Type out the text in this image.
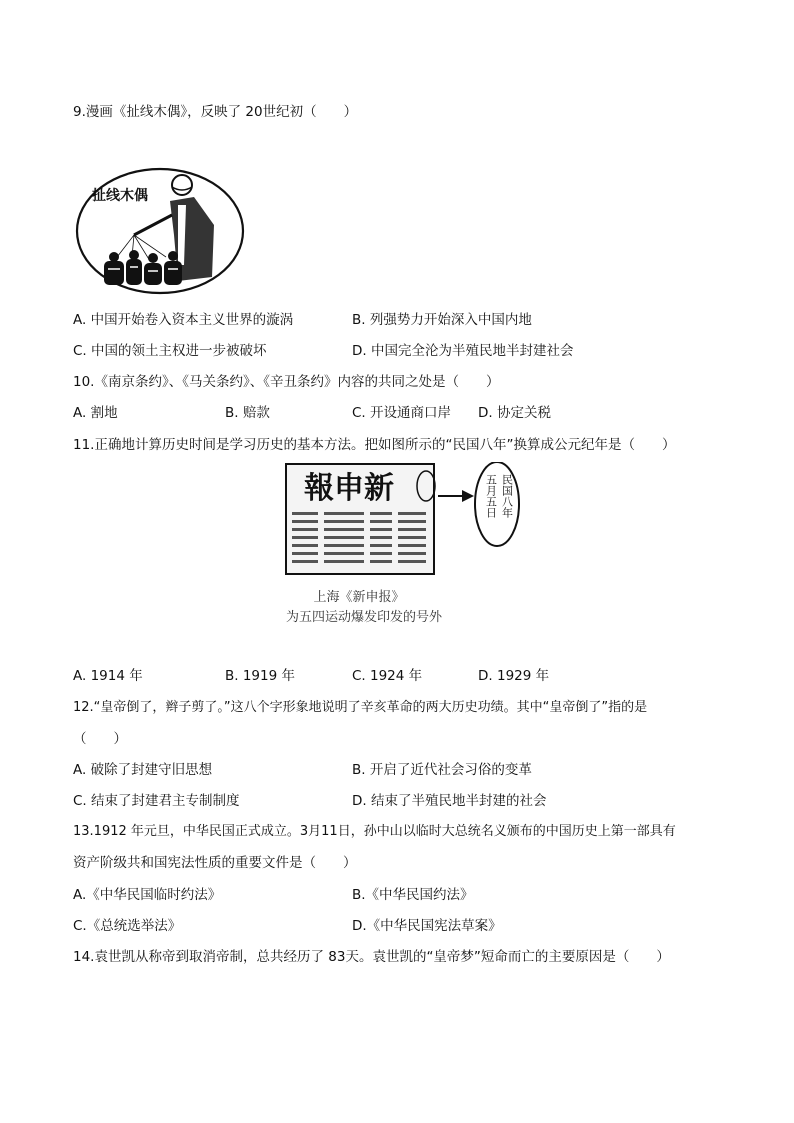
9.漫画《扯线木偶》，反映了 20世纪初（　　）
扯线木偶
A. 中国开始卷入资本主义世界的漩涡	B. 列强势力开始深入中国内地
C. 中国的领土主权进一步被破坏	D. 中国完全沦为半殖民地半封建社会
10.《南京条约》、《马关条约》、《辛丑条约》内容的共同之处是（　　）
A. 割地	B. 赔款	C. 开设通商口岸 D. 协定关税
11.正确地计算历史时间是学习历史的基本方法。把如图所示的“民国八年”换算成公元纪年是（　　）
報申新	民国八年
五月五日
上海《新申报》
为五四运动爆发印发的号外
A. 1914 年	B. 1919 年	C. 1924 年	D. 1929 年
12.“皇帝倒了，辫子剪了。”这八个字形象地说明了辛亥革命的两大历史功绩。其中“皇帝倒了”指的是
（　　）
A. 破除了封建守旧思想	B. 开启了近代社会习俗的变革
C. 结束了封建君主专制制度	D. 结束了半殖民地半封建的社会
13.1912 年元旦，中华民国正式成立。3月11日，孙中山以临时大总统名义颁布的中国历史上第一部具有
资产阶级共和国宪法性质的重要文件是（　　）
A.《中华民国临时约法》	B.《中华民国约法》
C.《总统选举法》	D.《中华民国宪法草案》
14.袁世凯从称帝到取消帝制，总共经历了 83天。袁世凯的“皇帝梦”短命而亡的主要原因是（　　）
